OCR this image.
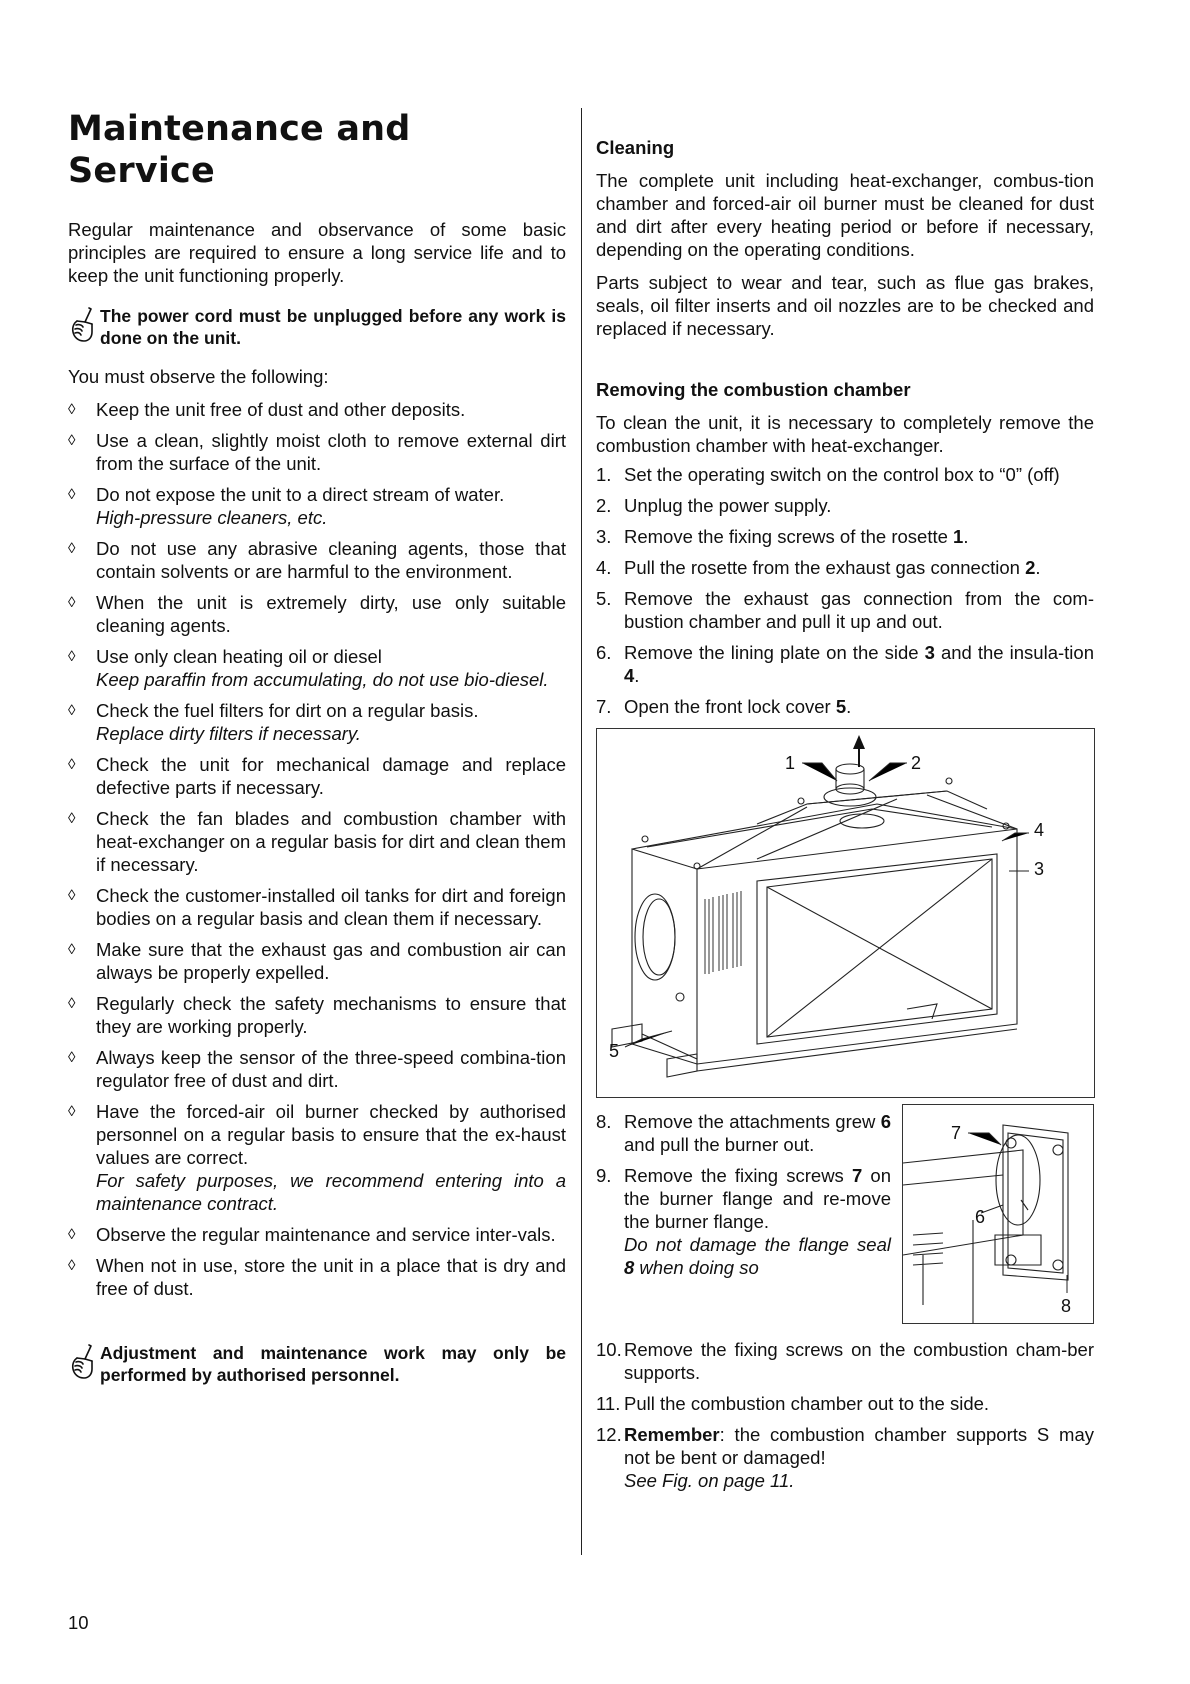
Maintenance and Service

Regular maintenance and observance of some basic principles are required to ensure a long service life and to keep the unit functioning properly.

The power cord must be unplugged before any work is done on the unit.

You must observe the following:

◊	Keep the unit free of dust and other deposits.
◊	Use a clean, slightly moist cloth to remove external dirt from the surface of the unit.
◊	Do not expose the unit to a direct stream of water.
High-pressure cleaners, etc.
◊	Do not use any abrasive cleaning agents, those that contain solvents or are harmful to the environment.
◊	When the unit is extremely dirty, use only suitable cleaning agents.
◊	Use only clean heating oil or diesel
Keep paraffin from accumulating, do not use bio-diesel.
◊	Check the fuel filters for dirt on a regular basis.
Replace dirty filters if necessary.
◊	Check the unit for mechanical damage and replace defective parts if necessary.
◊	Check the fan blades and combustion chamber with heat-exchanger on a regular basis for dirt and clean them if necessary.
◊	Check the customer-installed oil tanks for dirt and foreign bodies on a regular basis and clean them if necessary.
◊	Make sure that the exhaust gas and combustion air can always be properly expelled.
◊	Regularly check the safety mechanisms to ensure that they are working properly.
◊	Always keep the sensor of the three-speed combina-tion regulator free of dust and dirt.
◊	Have the forced-air oil burner checked by authorised personnel on a regular basis to ensure that the ex-haust values are correct.
For safety purposes, we recommend entering into a maintenance contract.
◊	Observe the regular maintenance and service inter-vals.
◊	When not in use, store the unit in a place that is dry and free of dust.
Adjustment and maintenance work may only be performed by authorised personnel.
Cleaning

The complete unit including heat-exchanger, combus-tion chamber and forced-air oil burner must be cleaned for dust and dirt after every heating period or before if necessary, depending on the operating conditions.

Parts subject to wear and tear, such as flue gas brakes, seals, oil filter inserts and oil nozzles are to be checked and replaced if necessary.

Removing the combustion chamber

To clean the unit, it is necessary to completely remove the combustion chamber with heat-exchanger.

1. Set the operating switch on the control box to “0” (off)
2. Unplug the power supply.
3. Remove the fixing screws of the rosette 1.
4. Pull the rosette from the exhaust gas connection 2.
5. Remove the exhaust gas connection from the com-bustion chamber and pull it up and out.
6. Remove the lining plate on the side 3 and the insula-tion 4.
7. Open the front lock cover 5.
1	2
3
4
5
8. Remove the attachments grew 6 and pull the burner out.
9. Remove the fixing screws 7 on the burner flange and re-move the burner flange.
Do not damage the flange seal 8 when doing so
7
6
8
10. Remove the fixing screws on the combustion cham-ber supports.
11. Pull the combustion chamber out to the side.
12. Remember: the combustion chamber supports S may not be bent or damaged!
See Fig. on page 11.
10
